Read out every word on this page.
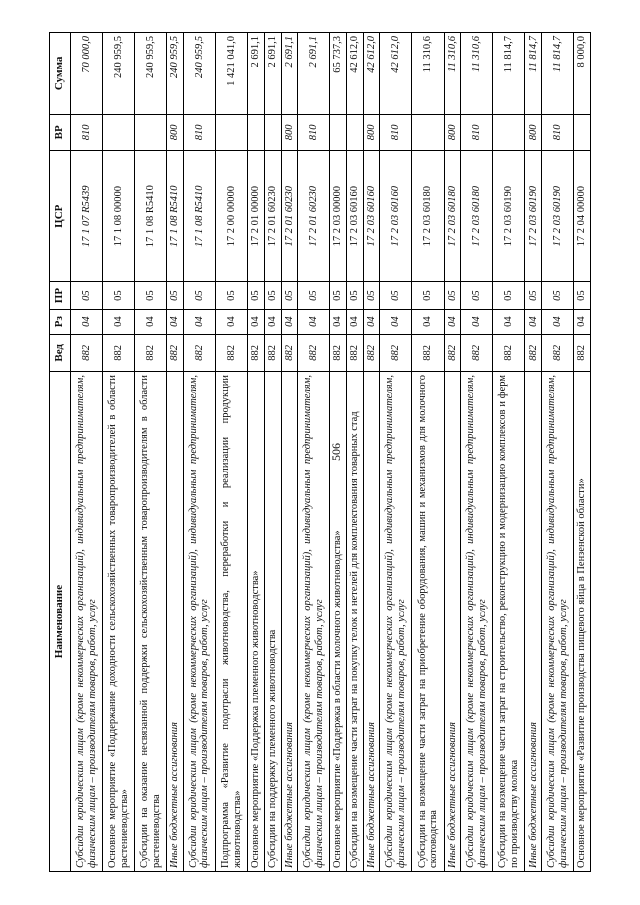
506
Наименование	Вед	Рз	ПР	ЦСР	ВР	Сумма
Субсидии юридическим лицам (кроме некоммерческих организаций), индивидуальным предпринимателям, физическим лицам – производителям товаров, работ, услуг	882	04	05	17 1 07 R5439	810	70 000,0
Основное мероприятие «Поддержание доходности сельскохозяйственных товаропроизводителей в области растениеводства»	882	04	05	17 1 08 00000		240 959,5
Субсидии на оказание несвязанной поддержки сельскохозяйственным товаропроизводителям в области растениеводства	882	04	05	17 1 08 R5410		240 959,5
Иные бюджетные ассигнования	882	04	05	17 1 08 R5410	800	240 959,5
Субсидии юридическим лицам (кроме некоммерческих организаций), индивидуальным предпринимателям, физическим лицам – производителям товаров, работ, услуг	882	04	05	17 1 08 R5410	810	240 959,5
Подпрограмма «Развитие подотрасли животноводства, переработки и реализации продукции животноводства»	882	04	05	17 2 00 00000		1 421 041,0
Основное мероприятие «Поддержка племенного животноводства»	882	04	05	17 2 01 00000		2 691,1
Субсидии на поддержку племенного животноводства	882	04	05	17 2 01 60230		2 691,1
Иные бюджетные ассигнования	882	04	05	17 2 01 60230	800	2 691,1
Субсидии юридическим лицам (кроме некоммерческих организаций), индивидуальным предпринимателям, физическим лицам – производителям товаров, работ, услуг	882	04	05	17 2 01 60230	810	2 691,1
Основное мероприятие «Поддержка в области молочного животноводства»	882	04	05	17 2 03 00000		65 737,3
Субсидии на возмещение части затрат на покупку телок и нетелей для комплектования товарных стад	882	04	05	17 2 03 60160		42 612,0
Иные бюджетные ассигнования	882	04	05	17 2 03 60160	800	42 612,0
Субсидии юридическим лицам (кроме некоммерческих организаций), индивидуальным предпринимателям, физическим лицам – производителям товаров, работ, услуг	882	04	05	17 2 03 60160	810	42 612,0
Субсидии на возмещение части затрат на приобретение оборудования, машин и механизмов для молочного скотоводства	882	04	05	17 2 03 60180		11 310,6
Иные бюджетные ассигнования	882	04	05	17 2 03 60180	800	11 310,6
Субсидии юридическим лицам (кроме некоммерческих организаций), индивидуальным предпринимателям, физическим лицам – производителям товаров, работ, услуг	882	04	05	17 2 03 60180	810	11 310,6
Субсидии на возмещение части затрат на строительство, реконструкцию и модернизацию комплексов и ферм по производству молока	882	04	05	17 2 03 60190		11 814,7
Иные бюджетные ассигнования	882	04	05	17 2 03 60190	800	11 814,7
Субсидии юридическим лицам (кроме некоммерческих организаций), индивидуальным предпринимателям, физическим лицам – производителям товаров, работ, услуг	882	04	05	17 2 03 60190	810	11 814,7
Основное мероприятие «Развитие производства пищевого яйца в Пензенской области»	882	04	05	17 2 04 00000		8 000,0
